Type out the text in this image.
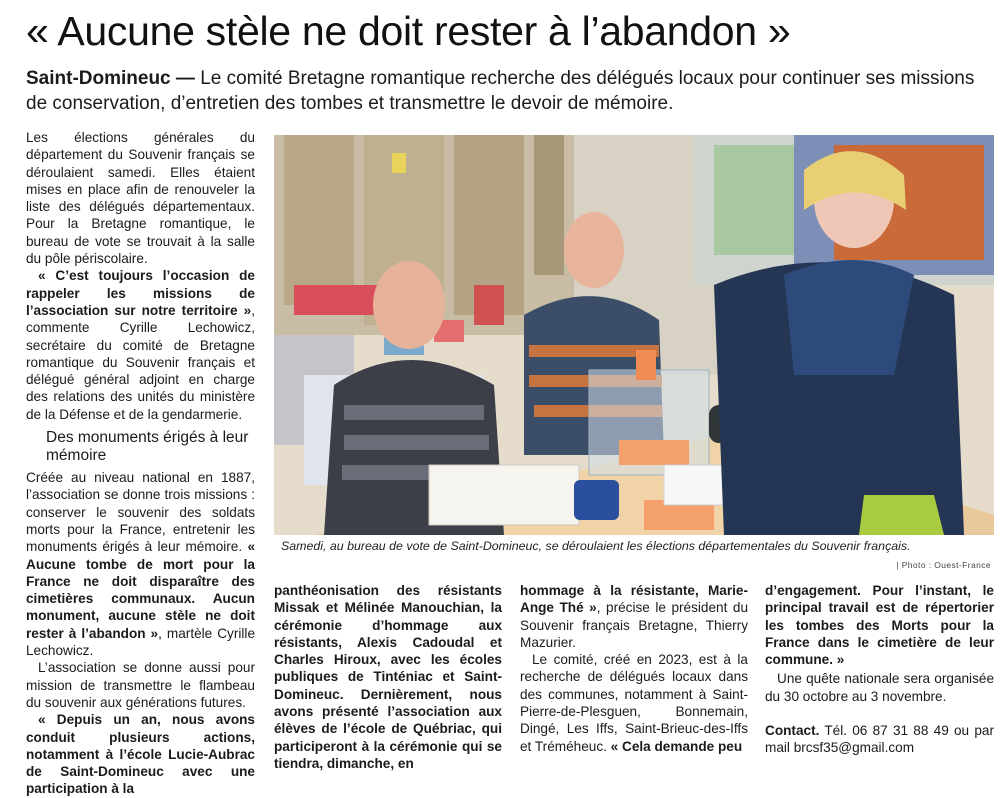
« Aucune stèle ne doit rester à l’abandon »
Saint-Domineuc — Le comité Bretagne romantique recherche des délégués locaux pour continuer ses missions de conservation, d’entretien des tombes et transmettre le devoir de mémoire.

Les élections générales du département du Souvenir français se déroulaient samedi. Elles étaient mises en place afin de renouveler la liste des délégués départementaux. Pour la Bretagne romantique, le bureau de vote se trouvait à la salle du pôle périscolaire.

« C’est toujours l’occasion de rappeler les missions de l’association sur notre territoire », commente Cyrille Lechowicz, secrétaire du comité de Bretagne romantique du Souvenir français et délégué général adjoint en charge des relations des unités du ministère de la Défense et de la gendarmerie.

Des monuments érigés à leur mémoire

Créée au niveau national en 1887, l’association se donne trois missions : conserver le souvenir des soldats morts pour la France, entretenir les monuments érigés à leur mémoire. « Aucune tombe de mort pour la France ne doit disparaître des cimetières communaux. Aucun monument, aucune stèle ne doit rester à l’abandon », martèle Cyrille Lechowicz.

L’association se donne aussi pour mission de transmettre le flambeau du souvenir aux générations futures.

« Depuis un an, nous avons conduit plusieurs actions, notamment à l’école Lucie-Aubrac de Saint-Domineuc avec une participation à la

Samedi, au bureau de vote de Saint-Domineuc, se déroulaient les élections départementales du Souvenir français.
| Photo : Ouest-France

panthéonisation des résistants Missak et Mélinée Manouchian, la cérémonie d’hommage aux résistants, Alexis Cadoudal et Charles Hiroux, avec les écoles publiques de Tinténiac et Saint-Domineuc. Dernièrement, nous avons présenté l’association aux élèves de l’école de Québriac, qui participeront à la cérémonie qui se tiendra, dimanche, en

hommage à la résistante, Marie-Ange Thé », précise le président du Souvenir français Bretagne, Thierry Mazurier.

Le comité, créé en 2023, est à la recherche de délégués locaux dans des communes, notamment à Saint-Pierre-de-Plesguen, Bonnemain, Dingé, Les Iffs, Saint-Brieuc-des-Iffs et Tréméheuc. « Cela demande peu

d’engagement. Pour l’instant, le principal travail est de répertorier les tombes des Morts pour la France dans le cimetière de leur commune. »

Une quête nationale sera organisée du 30 octobre au 3 novembre.

Contact. Tél. 06 87 31 88 49 ou par mail brcsf35@gmail.com
